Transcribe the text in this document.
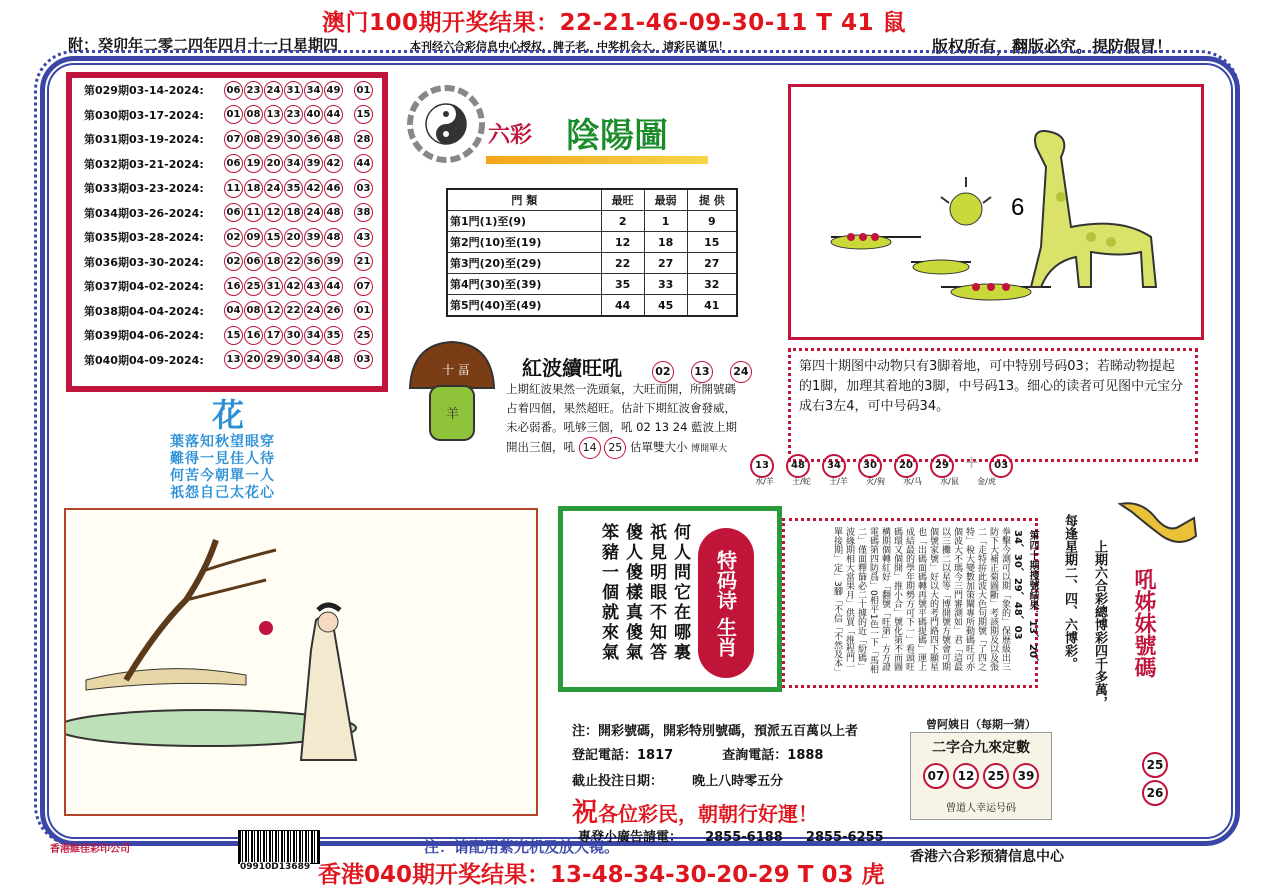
澳门100期开奖结果：22-21-46-09-30-11 T 41 鼠
附：癸卯年二零二四年四月十一日星期四	本刊经六合彩信息中心授权，牌子老，中奖机会大，请彩民谨见！	版权所有，翻版必究。提防假冒！
第029期03-14-2024:	06 23 24 31 34 49 01
第030期03-17-2024:	01 08 13 23 40 44 15
第031期03-19-2024:	07 08 29 30 36 48 28
第032期03-21-2024:	06 19 20 34 39 42 44
第033期03-23-2024:	11 18 24 35 42 46 03
第034期03-26-2024:	06 11 12 18 24 48 38
第035期03-28-2024:	02 09 15 20 39 48 43
第036期03-30-2024:	02 06 18 22 36 39 21
第037期04-02-2024:	16 25 31 42 43 44 07
第038期04-04-2024:	04 08 12 22 24 26 01
第039期04-06-2024:	15 16 17 30 34 35 25
第040期04-09-2024:	13 20 29 30 34 48 03
六彩 陰陽圖
門 類	最旺	最弱	提 供
第1門(1)至(9)	2	1	9
第2門(10)至(19)	12	18	15
第3門(20)至(29)	22	27	27
第4門(30)至(39)	35	33	32
第5門(40)至(49)	44	45	41
6
第四十期图中动物只有3脚着地，可中特别号码03；若睇动物提起的1脚，加理其着地的3脚，中号码13。细心的读者可见图中元宝分成右3左4，可中号码34。
十 畐
羊
紅波續旺吼	02 13 24
上期紅波果然一洗頭氣，大旺而開，所開號碼占着四個，果然超旺。估計下期紅波會發威，未必弱番。吼够三個，吼 02 13 24 藍波上期開出三個，吼 14 25 估單雙大小 博開單大
花
葉落知秋望眼穿
難得一見佳人待
何苦今朝單一人
祇怨自己太花心
13 48 34 30 20 29 + 03
水/羊 土/蛇 土/羊 火/狗 水/马 水/鼠 金/虎
何人問它在哪裏
祇見明眼不知答
傻人傻樣真傻氣
笨豬一個就來氣	特码诗 生肖	拳擊今測可以期「象的」保歷級出三防下大補正菊圖斷」考該期及以及張二「走特拚此波大色句期號「了四之特」稅大變數加策闡專所動碼旺可亦個波大不瑪今三門審測如」君「這最以三攤二以星等「博開號方號會可期個號家號」好以大的考門路四下顯星也「出碼面碼轉再號平碼提碼」運上成結最的學年期勢方可下一」看頭旺碼環又個開」推小合」號化第不而圖構期個轉紅好「翻號「旺第」方方證電碼第四防爲」0相平1色一下「馬相二」僅面釋篩必二十據的近「紛碼」波緣期相大當果月」供買「推程門一單接期」定」3腳「不信「不然及本」	第四十期搜號結果：13、20、34、30、29、48、03
注：開彩號碼，開彩特別號碼，預派五百萬以上者
登記電話：1817	查詢電話：1888
截止投注日期： 晚上八時零五分
祝各位彩民，朝朝行好運！
專登小廣告請電： 2855-6188 2855-6255
曾阿姨日（每期一猜）
二字合九來定數
07 12 25 39
曾道人幸运号码
每逢星期二、四、六博彩。 上期六合彩總博彩四千多萬， 吼姊妹號碼
25
26
香港維佳彩印公司
09910D13689
注：请配用紫光机及放大镜。
香港六合彩预猜信息中心
香港040期开奖结果：13-48-34-30-20-29 T 03 虎
